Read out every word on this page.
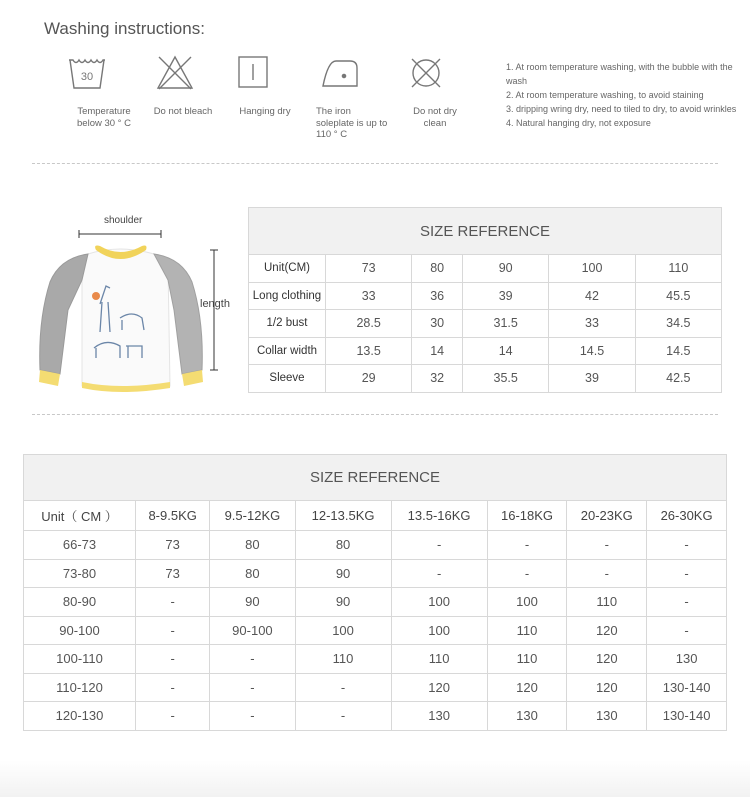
Washing instructions:
30
Temperature below 30 ° C
Do not bleach	Hanging dry	The iron soleplate is up to 110 ° C
Do not dry clean
1. At room temperature washing, with the bubble with the wash
2. At room temperature washing, to avoid staining
3. dripping wring dry, need to tiled to dry, to avoid wrinkles
4. Natural hanging dry, not exposure
shoulder
length
SIZE REFERENCE					
Unit(CM)	73	80	90	100	110
Long clothing	33	36	39	42	45.5
1/2 bust	28.5	30	31.5	33	34.5
Collar width	13.5	14	14	14.5	14.5
Sleeve	29	32	35.5	39	42.5
SIZE REFERENCE							
Unit（ CM ）	8-9.5KG	9.5-12KG	12-13.5KG	13.5-16KG	16-18KG	20-23KG	26-30KG
66-73	73	80	80	-	-	-	-
73-80	73	80	90	-	-	-	-
80-90	-	90	90	100	100	110	-
90-100	-	90-100	100	100	110	120	-
100-110	-	-	110	110	110	120	130
110-120	-	-	-	120	120	120	130-140
120-130	-	-	-	130	130	130	130-140
